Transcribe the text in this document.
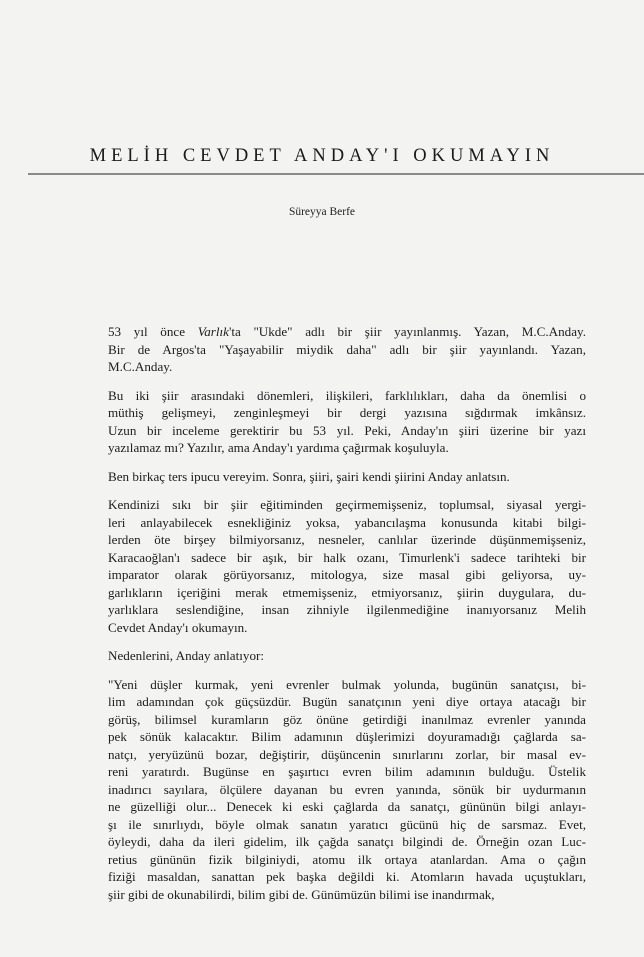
MELİH CEVDET ANDAY'I OKUMAYIN
Süreyya Berfe
53 yıl önce Varlık'ta "Ukde" adlı bir şiir yayınlanmış. Yazan, M.C.Anday.
Bir de Argos'ta "Yaşayabilir miydik daha" adlı bir şiir yayınlandı. Yazan,
M.C.Anday.
Bu iki şiir arasındaki dönemleri, ilişkileri, farklılıkları, daha da önemlisi o
müthiş gelişmeyi, zenginleşmeyi bir dergi yazısına sığdırmak imkânsız.
Uzun bir inceleme gerektirir bu 53 yıl. Peki, Anday'ın şiiri üzerine bir yazı
yazılamaz mı? Yazılır, ama Anday'ı yardıma çağırmak koşuluyla.
Ben birkaç ters ipucu vereyim. Sonra, şiiri, şairi kendi şiirini Anday anlatsın.
Kendinizi sıkı bir şiir eğitiminden geçirmemişseniz, toplumsal, siyasal yergi-
leri anlayabilecek esnekliğiniz yoksa, yabancılaşma konusunda kitabi bilgi-
lerden öte birşey bilmiyorsanız, nesneler, canlılar üzerinde düşünmemişseniz,
Karacaoğlan'ı sadece bir aşık, bir halk ozanı, Timurlenk'i sadece tarihteki bir
imparator olarak görüyorsanız, mitologya, size masal gibi geliyorsa, uy-
garlıkların içeriğini merak etmemişseniz, etmiyorsanız, şiirin duygulara, du-
yarlıklara seslendiğine, insan zihniyle ilgilenmediğine inanıyorsanız Melih
Cevdet Anday'ı okumayın.
Nedenlerini, Anday anlatıyor:
"Yeni düşler kurmak, yeni evrenler bulmak yolunda, bugünün sanatçısı, bi-
lim adamından çok güçsüzdür. Bugün sanatçının yeni diye ortaya atacağı bir
görüş, bilimsel kuramların göz önüne getirdiği inanılmaz evrenler yanında
pek sönük kalacaktır. Bilim adamının düşlerimizi doyuramadığı çağlarda sa-
natçı, yeryüzünü bozar, değiştirir, düşüncenin sınırlarını zorlar, bir masal ev-
reni yaratırdı. Bugünse en şaşırtıcı evren bilim adamının bulduğu. Üstelik
inadırıcı sayılara, ölçülere dayanan bu evren yanında, sönük bir uydurmanın
ne güzelliği olur... Denecek ki eski çağlarda da sanatçı, gününün bilgi anlayı-
şı ile sınırlıydı, böyle olmak sanatın yaratıcı gücünü hiç de sarsmaz. Evet,
öyleydi, daha da ileri gidelim, ilk çağda sanatçı bilgindi de. Örneğin ozan Luc-
retius gününün fizik bilginiydi, atomu ilk ortaya atanlardan. Ama o çağın
fiziği masaldan, sanattan pek başka değildi ki. Atomların havada uçuştukları,
şiir gibi de okunabilirdi, bilim gibi de. Günümüzün bilimi ise inandırmak,
